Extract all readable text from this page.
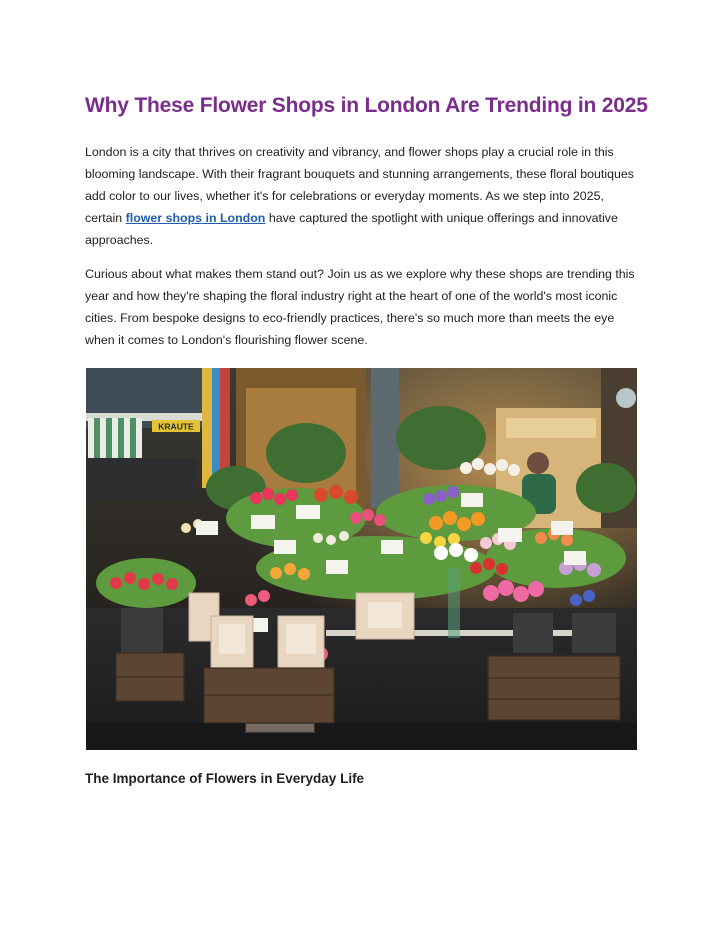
Why These Flower Shops in London Are Trending in 2025

London is a city that thrives on creativity and vibrancy, and flower shops play a crucial role in this blooming landscape. With their fragrant bouquets and stunning arrangements, these floral boutiques add color to our lives, whether it's for celebrations or everyday moments. As we step into 2025, certain flower shops in London have captured the spotlight with unique offerings and innovative approaches.

Curious about what makes them stand out? Join us as we explore why these shops are trending this year and how they're shaping the floral industry right at the heart of one of the world's most iconic cities. From bespoke designs to eco-friendly practices, there's so much more than meets the eye when it comes to London's flourishing flower scene.

KRAUTE
The Importance of Flowers in Everyday Life
